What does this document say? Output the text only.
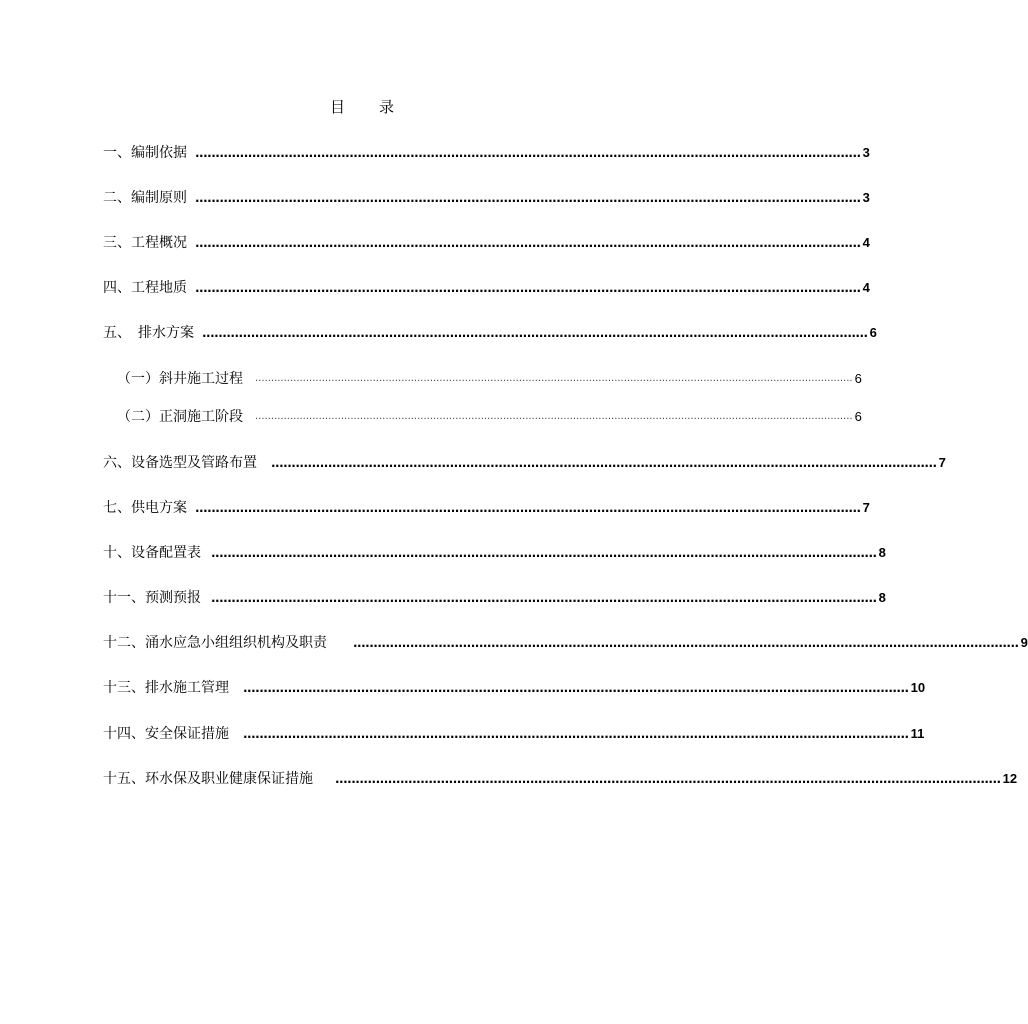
目 录
一、编制依据 .................................................................................................................................................................... 3
二、编制原则 .................................................................................................................................................................... 3
三、工程概况 .................................................................................................................................................................... 4
四、工程地质 .................................................................................................................................................................... 4
五、　排水方案 .................................................................................................................................................................... 6
（一）斜井施工过程 ............................................................................................................................................................................................ 6
（二）正洞施工阶段 ............................................................................................................................................................................................ 6
六、设备选型及管路布置 .................................................................................................................................................................... 7
七、供电方案 .................................................................................................................................................................... 7
十、设备配置表 .................................................................................................................................................................... 8
十一、预测预报 .................................................................................................................................................................... 8
十二、涌水应急小组组织机构及职责 .................................................................................................................................................................... 9
十三、排水施工管理 .................................................................................................................................................................... 10
十四、安全保证措施 .................................................................................................................................................................... 11
十五、环水保及职业健康保证措施 .................................................................................................................................................................... 12
